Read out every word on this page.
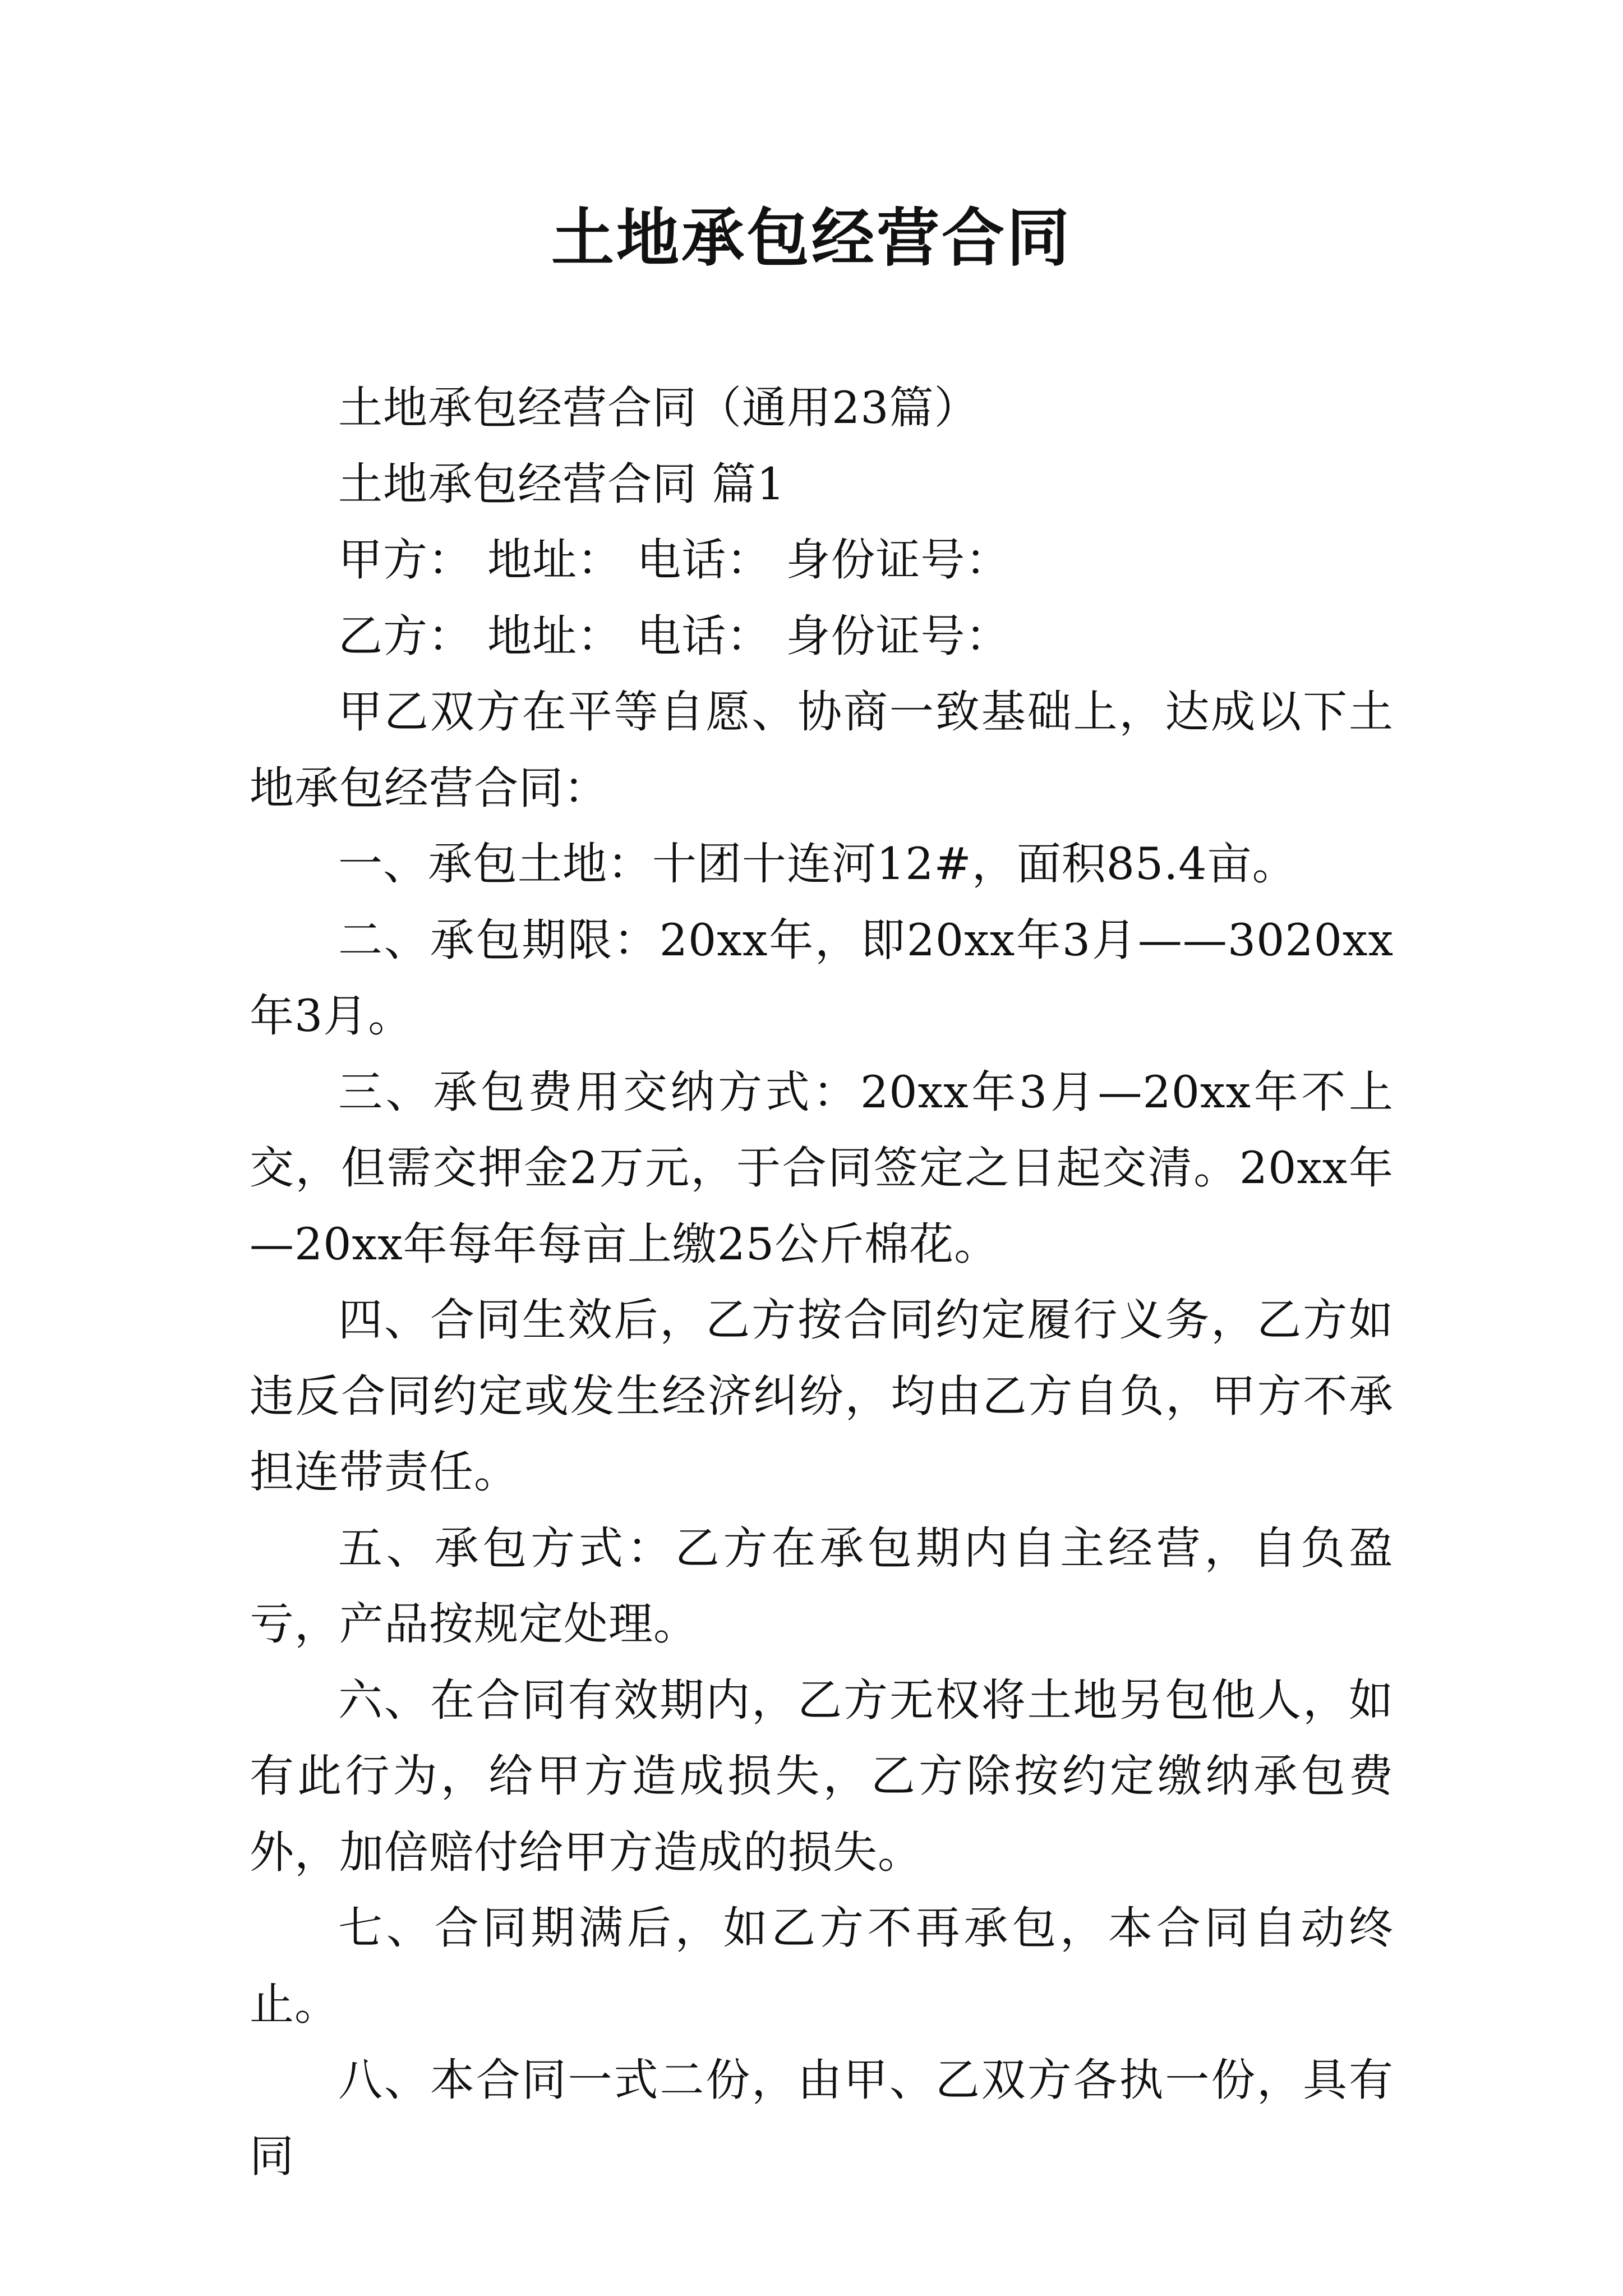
土地承包经营合同

土地承包经营合同（通用23篇）

土地承包经营合同 篇1

甲方： 地址： 电话： 身份证号：

乙方： 地址： 电话： 身份证号：

甲乙双方在平等自愿、协商一致基础上，达成以下土地承包经营合同：

一、承包土地：十团十连河12#，面积85.4亩。

二、承包期限：20xx年，即20xx年3月——3020xx年3月。

三、承包费用交纳方式：20xx年3月—20xx年不上交，但需交押金2万元，于合同签定之日起交清。20xx年—20xx年每年每亩上缴25公斤棉花。

四、合同生效后，乙方按合同约定履行义务，乙方如违反合同约定或发生经济纠纷，均由乙方自负，甲方不承担连带责任。

五、承包方式：乙方在承包期内自主经营，自负盈亏，产品按规定处理。

六、在合同有效期内，乙方无权将土地另包他人，如有此行为，给甲方造成损失，乙方除按约定缴纳承包费外，加倍赔付给甲方造成的损失。

七、合同期满后，如乙方不再承包，本合同自动终止。

八、本合同一式二份，由甲、乙双方各执一份，具有同
